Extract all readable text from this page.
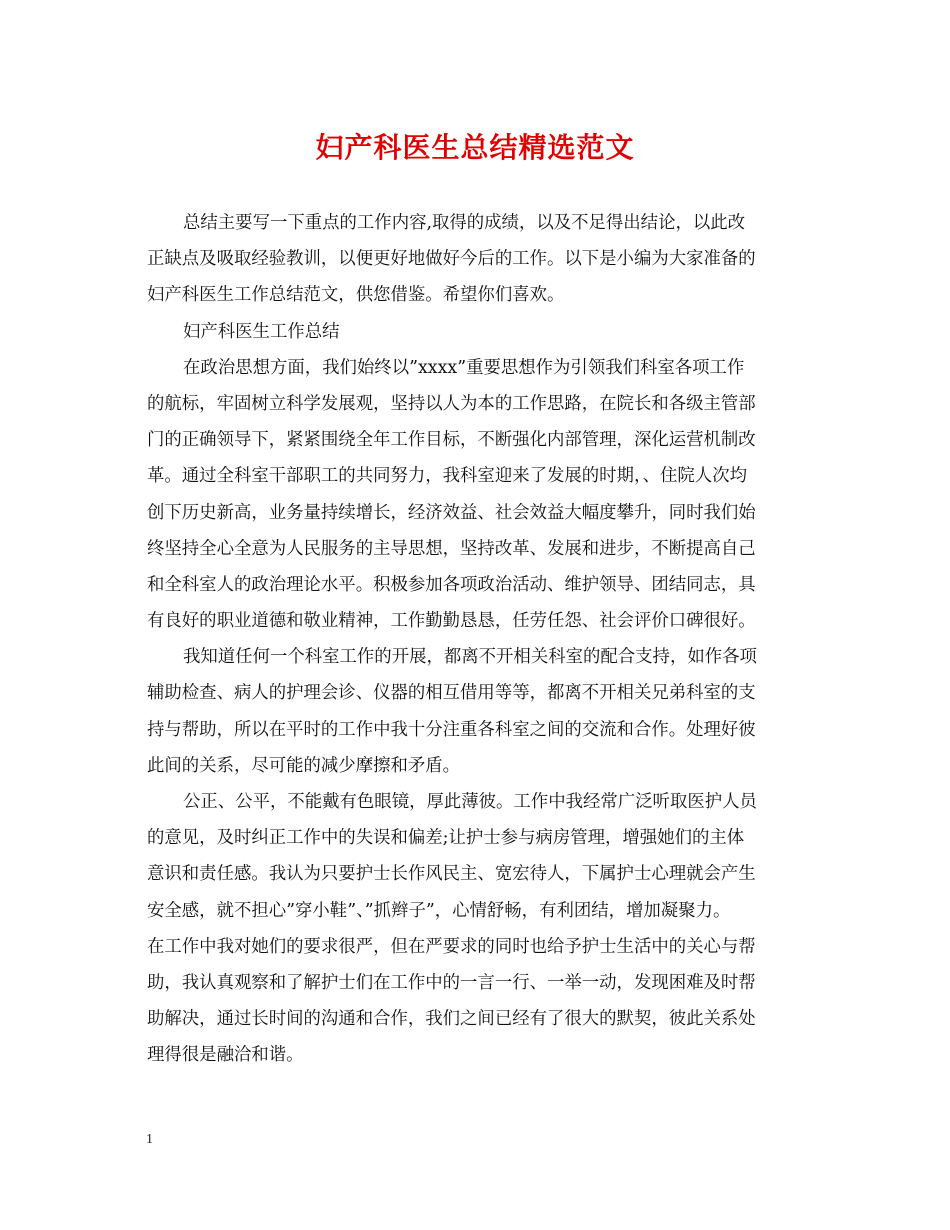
妇产科医生总结精选范文
总结主要写一下重点的工作内容,取得的成绩，以及不足得出结论，以此改
正缺点及吸取经验教训，以便更好地做好今后的工作。以下是小编为大家准备的
妇产科医生工作总结范文，供您借鉴。希望你们喜欢。
妇产科医生工作总结
在政治思想方面，我们始终以”xxxx”重要思想作为引领我们科室各项工作
的航标，牢固树立科学发展观，坚持以人为本的工作思路，在院长和各级主管部
门的正确领导下，紧紧围绕全年工作目标，不断强化内部管理，深化运营机制改
革。通过全科室干部职工的共同努力，我科室迎来了发展的时期，、住院人次均
创下历史新高，业务量持续增长，经济效益、社会效益大幅度攀升，同时我们始
终坚持全心全意为人民服务的主导思想，坚持改革、发展和进步，不断提高自己
和全科室人的政治理论水平。积极参加各项政治活动、维护领导、团结同志，具
有良好的职业道德和敬业精神，工作勤勤恳恳，任劳任怨、社会评价口碑很好。
我知道任何一个科室工作的开展，都离不开相关科室的配合支持，如作各项
辅助检查、病人的护理会诊、仪器的相互借用等等，都离不开相关兄弟科室的支
持与帮助，所以在平时的工作中我十分注重各科室之间的交流和合作。处理好彼
此间的关系，尽可能的减少摩擦和矛盾。
公正、公平，不能戴有色眼镜，厚此薄彼。工作中我经常广泛听取医护人员
的意见，及时纠正工作中的失误和偏差;让护士参与病房管理，增强她们的主体
意识和责任感。我认为只要护士长作风民主、宽宏待人，下属护士心理就会产生
安全感，就不担心”穿小鞋”、”抓辫子”，心情舒畅，有利团结，增加凝聚力。
在工作中我对她们的要求很严，但在严要求的同时也给予护士生活中的关心与帮
助，我认真观察和了解护士们在工作中的一言一行、一举一动，发现困难及时帮
助解决，通过长时间的沟通和合作，我们之间已经有了很大的默契，彼此关系处
理得很是融洽和谐。
1
